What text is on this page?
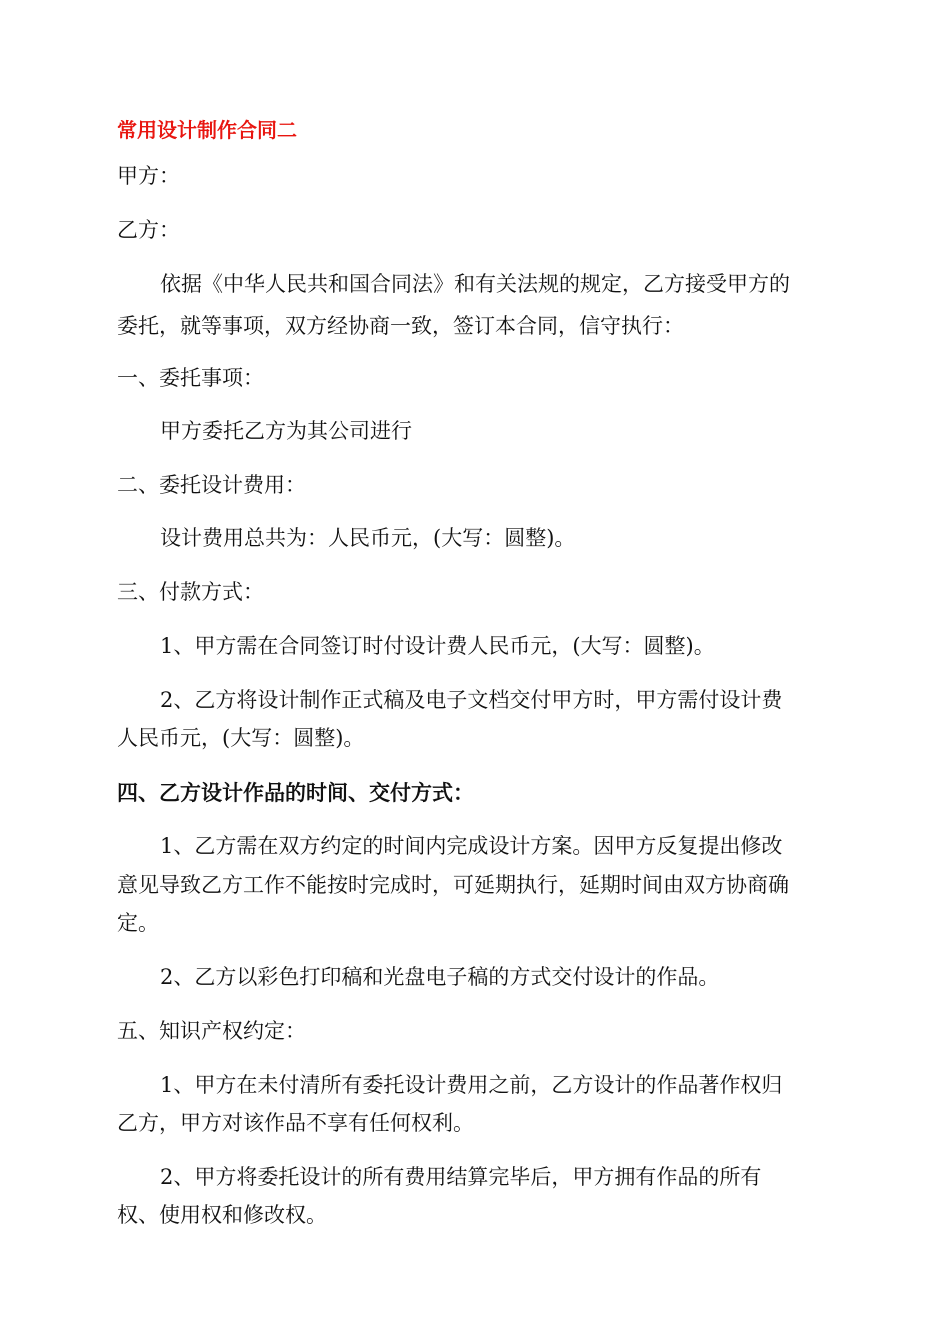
常用设计制作合同二
甲方：
乙方：
依据《中华人民共和国合同法》和有关法规的规定，乙方接受甲方的
委托，就等事项，双方经协商一致，签订本合同，信守执行：
一、委托事项：
甲方委托乙方为其公司进行
二、委托设计费用：
设计费用总共为：人民币元，(大写：圆整)。
三、付款方式：
1、甲方需在合同签订时付设计费人民币元，(大写：圆整)。
2、乙方将设计制作正式稿及电子文档交付甲方时，甲方需付设计费
人民币元，(大写：圆整)。
四、乙方设计作品的时间、交付方式：
1、乙方需在双方约定的时间内完成设计方案。因甲方反复提出修改
意见导致乙方工作不能按时完成时，可延期执行，延期时间由双方协商确
定。
2、乙方以彩色打印稿和光盘电子稿的方式交付设计的作品。
五、知识产权约定：
1、甲方在未付清所有委托设计费用之前，乙方设计的作品著作权归
乙方，甲方对该作品不享有任何权利。
2、甲方将委托设计的所有费用结算完毕后，甲方拥有作品的所有
权、使用权和修改权。
